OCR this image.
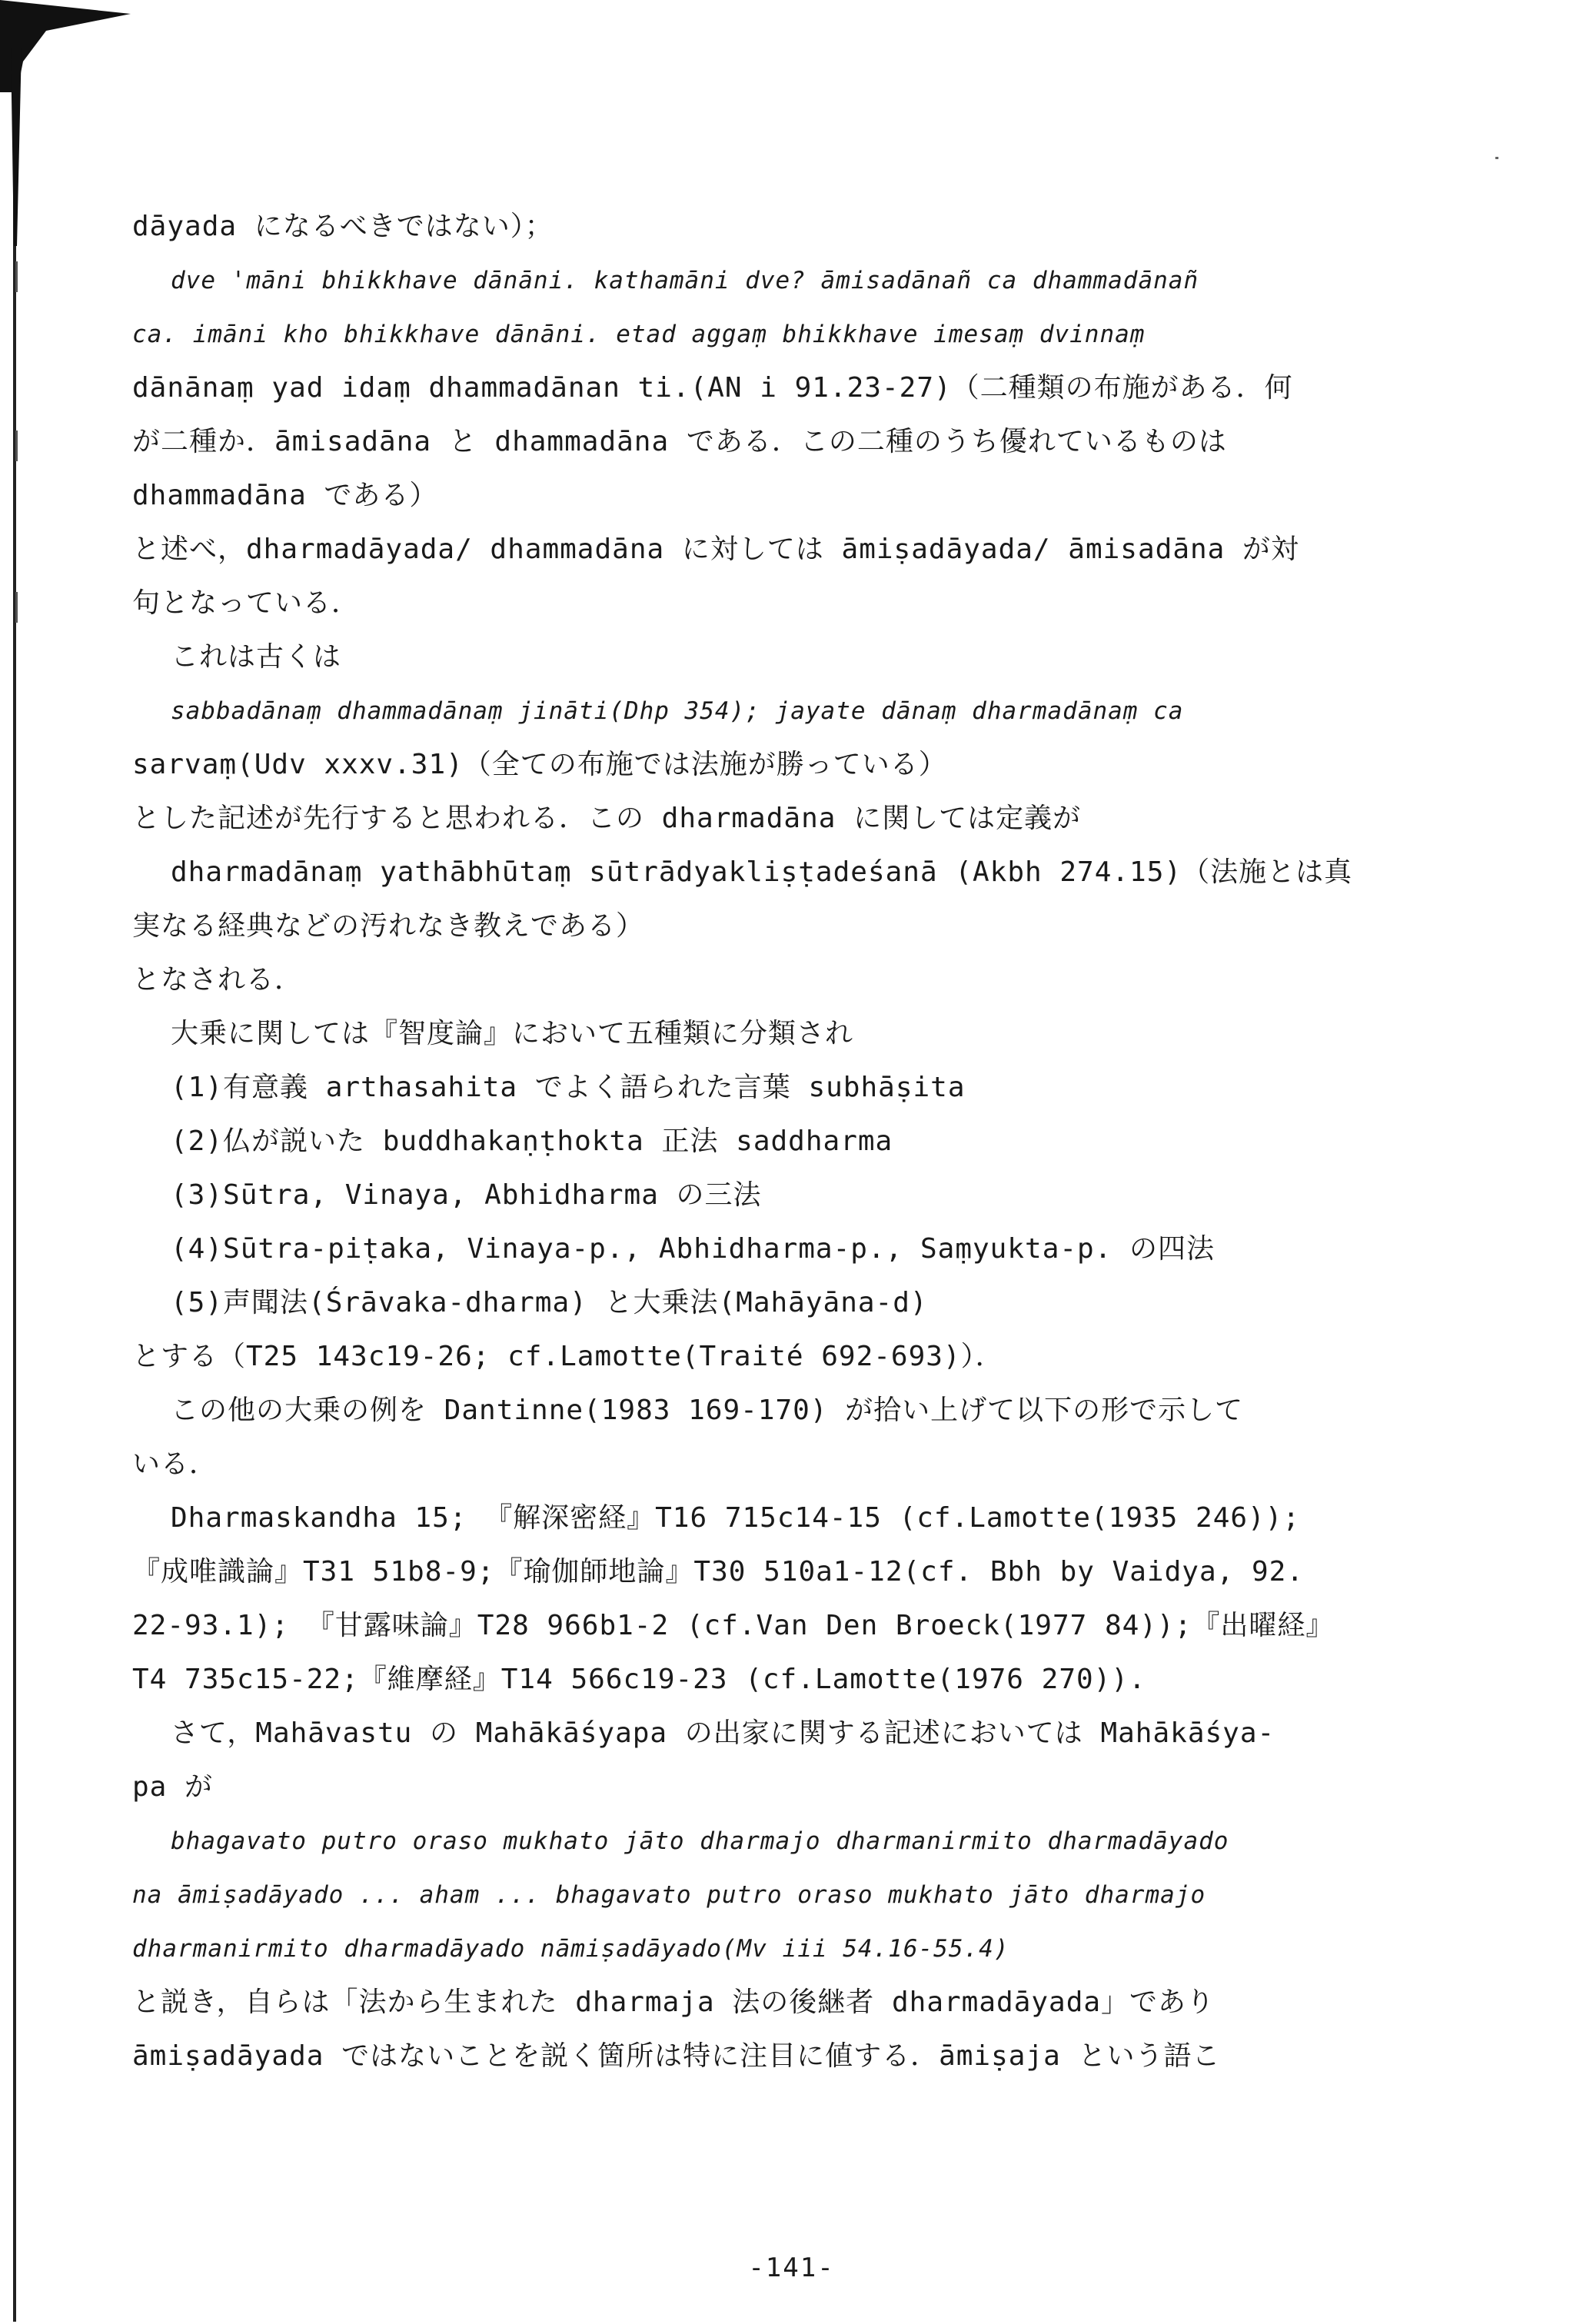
dāyada になるべきではない）；
dve 'māni bhikkhave dānāni. kathamāni dve? āmisadānañ ca dhammadānañ
ca. imāni kho bhikkhave dānāni. etad aggaṃ bhikkhave imesaṃ dvinnaṃ
dānānaṃ yad idaṃ dhammadānan ti.(AN i 91.23-27)（二種類の布施がある．何
が二種か．āmisadāna と dhammadāna である．この二種のうち優れているものは
dhammadāna である）
と述べ，dharmadāyada/ dhammadāna に対しては āmiṣadāyada/ āmisadāna が対
句となっている．
これは古くは
sabbadānaṃ dhammadānaṃ jināti(Dhp 354); jayate dānaṃ dharmadānaṃ ca
sarvaṃ(Udv xxxv.31)（全ての布施では法施が勝っている）
とした記述が先行すると思われる．この dharmadāna に関しては定義が
dharmadānaṃ yathābhūtaṃ sūtrādyakliṣṭadeśanā (Akbh 274.15)（法施とは真
実なる経典などの汚れなき教えである）
となされる．
大乗に関しては『智度論』において五種類に分類され
(1)有意義 arthasahita でよく語られた言葉 subhāṣita
(2)仏が説いた buddhakaṇṭhokta 正法 saddharma
(3)Sūtra, Vinaya, Abhidharma の三法
(4)Sūtra-piṭaka, Vinaya-p., Abhidharma-p., Saṃyukta-p. の四法
(5)声聞法(Śrāvaka-dharma) と大乗法(Mahāyāna-d)
とする（T25 143c19-26; cf.Lamotte(Traité 692-693)）．
この他の大乗の例を Dantinne(1983 169-170) が拾い上げて以下の形で示して
いる．
Dharmaskandha 15; 『解深密経』T16 715c14-15 (cf.Lamotte(1935 246));
『成唯識論』T31 51b8-9;『瑜伽師地論』T30 510a1-12(cf. Bbh by Vaidya, 92.
22-93.1); 『甘露味論』T28 966b1-2 (cf.Van Den Broeck(1977 84));『出曜経』
T4 735c15-22;『維摩経』T14 566c19-23 (cf.Lamotte(1976 270)).
さて，Mahāvastu の Mahākāśyapa の出家に関する記述においては Mahākāśya-
pa が
bhagavato putro oraso mukhato jāto dharmajo dharmanirmito dharmadāyado
na āmiṣadāyado ... aham ... bhagavato putro oraso mukhato jāto dharmajo
dharmanirmito dharmadāyado nāmiṣadāyado(Mv iii 54.16-55.4)
と説き，自らは「法から生まれた dharmaja 法の後継者 dharmadāyada」であり
āmiṣadāyada ではないことを説く箇所は特に注目に値する．āmiṣaja という語こ
-141-
